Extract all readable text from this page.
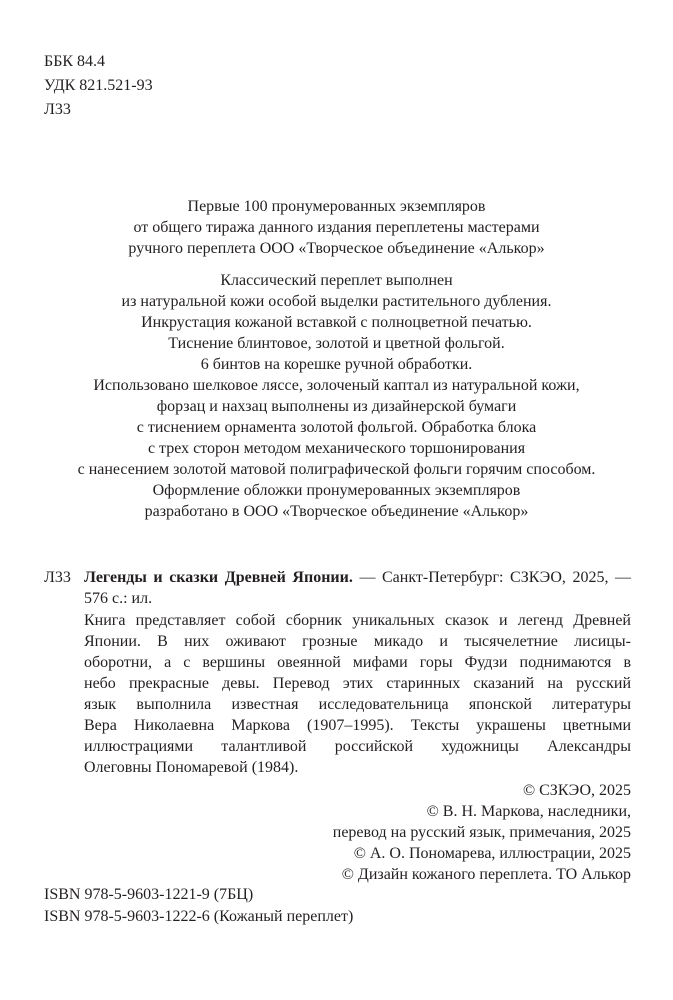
ББК 84.4
УДК 821.521-93
Л33
Первые 100 пронумерованных экземпляров
от общего тиража данного издания переплетены мастерами
ручного переплета ООО «Творческое объединение «Алькор»
Классический переплет выполнен
из натуральной кожи особой выделки растительного дубления.
Инкрустация кожаной вставкой с полноцветной печатью.
Тиснение блинтовое, золотой и цветной фольгой.
6 бинтов на корешке ручной обработки.
Использовано шелковое ляссе, золоченый каптал из натуральной кожи,
форзац и нахзац выполнены из дизайнерской бумаги
с тиснением орнамента золотой фольгой. Обработка блока
с трех сторон методом механического торшонирования
с нанесением золотой матовой полиграфической фольги горячим способом.
Оформление обложки пронумерованных экземпляров
разработано в ООО «Творческое объединение «Алькор»
Л33 Легенды и сказки Древней Японии. — Санкт-Петербург: СЗКЭО, 2025, —
576 с.: ил.
Книга представляет собой сборник уникальных сказок и легенд Древней
Японии. В них оживают грозные микадо и тысячелетние лисицы-
оборотни, а с вершины овеянной мифами горы Фудзи поднимаются в
небо прекрасные девы. Перевод этих старинных сказаний на русский
язык выполнила известная исследовательница японской литературы
Вера Николаевна Маркова (1907–1995). Тексты украшены цветными
иллюстрациями талантливой российской художницы Александры
Олеговны Пономаревой (1984).
© СЗКЭО, 2025
© В. Н. Маркова, наследники,
перевод на русский язык, примечания, 2025
© А. О. Пономарева, иллюстрации, 2025
© Дизайн кожаного переплета. ТО Алькор
ISBN 978-5-9603-1221-9 (7БЦ)
ISBN 978-5-9603-1222-6 (Кожаный переплет)
